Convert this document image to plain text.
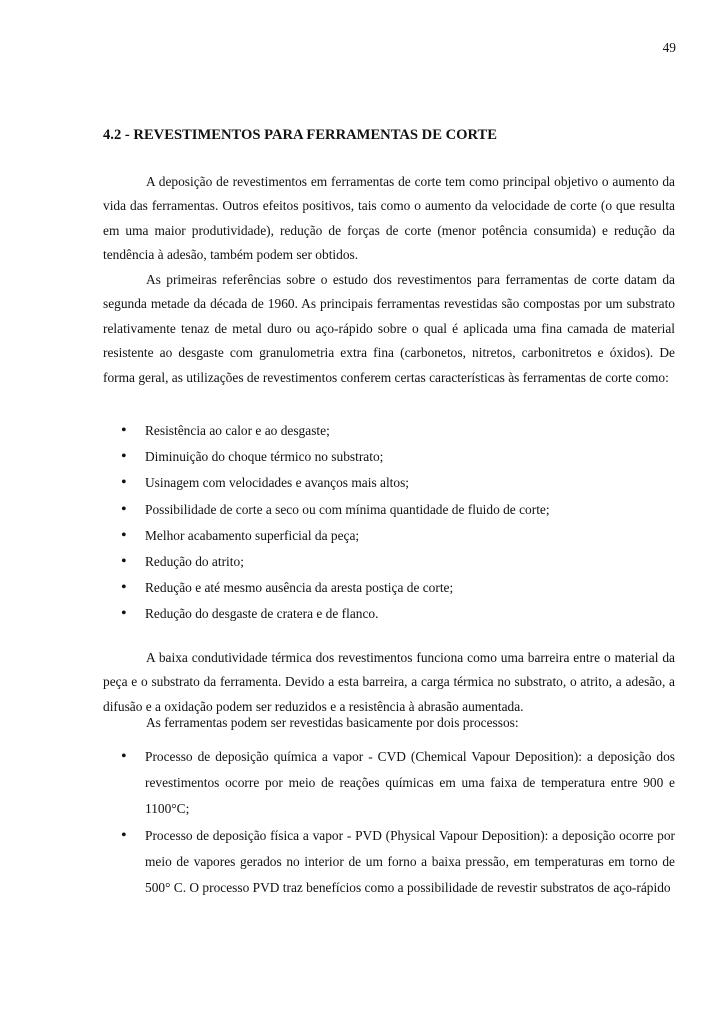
49
4.2 - REVESTIMENTOS PARA FERRAMENTAS DE CORTE

A deposição de revestimentos em ferramentas de corte tem como principal objetivo o aumento da vida das ferramentas. Outros efeitos positivos, tais como o aumento da velocidade de corte (o que resulta em uma maior produtividade), redução de forças de corte (menor potência consumida) e redução da tendência à adesão, também podem ser obtidos.

As primeiras referências sobre o estudo dos revestimentos para ferramentas de corte datam da segunda metade da década de 1960. As principais ferramentas revestidas são compostas por um substrato relativamente tenaz de metal duro ou aço-rápido sobre o qual é aplicada uma fina camada de material resistente ao desgaste com granulometria extra fina (carbonetos, nitretos, carbonitretos e óxidos). De forma geral, as utilizações de revestimentos conferem certas características às ferramentas de corte como:

• Resistência ao calor e ao desgaste;
• Diminuição do choque térmico no substrato;
• Usinagem com velocidades e avanços mais altos;
• Possibilidade de corte a seco ou com mínima quantidade de fluido de corte;
• Melhor acabamento superficial da peça;
• Redução do atrito;
• Redução e até mesmo ausência da aresta postiça de corte;
• Redução do desgaste de cratera e de flanco.

A baixa condutividade térmica dos revestimentos funciona como uma barreira entre o material da peça e o substrato da ferramenta. Devido a esta barreira, a carga térmica no substrato, o atrito, a adesão, a difusão e a oxidação podem ser reduzidos e a resistência à abrasão aumentada.

As ferramentas podem ser revestidas basicamente por dois processos:

• Processo de deposição química a vapor - CVD (Chemical Vapour Deposition): a deposição dos revestimentos ocorre por meio de reações químicas em uma faixa de temperatura entre 900 e 1100°C;
• Processo de deposição física a vapor - PVD (Physical Vapour Deposition): a deposição ocorre por meio de vapores gerados no interior de um forno a baixa pressão, em temperaturas em torno de 500° C. O processo PVD traz benefícios como a possibilidade de revestir substratos de aço-rápido
